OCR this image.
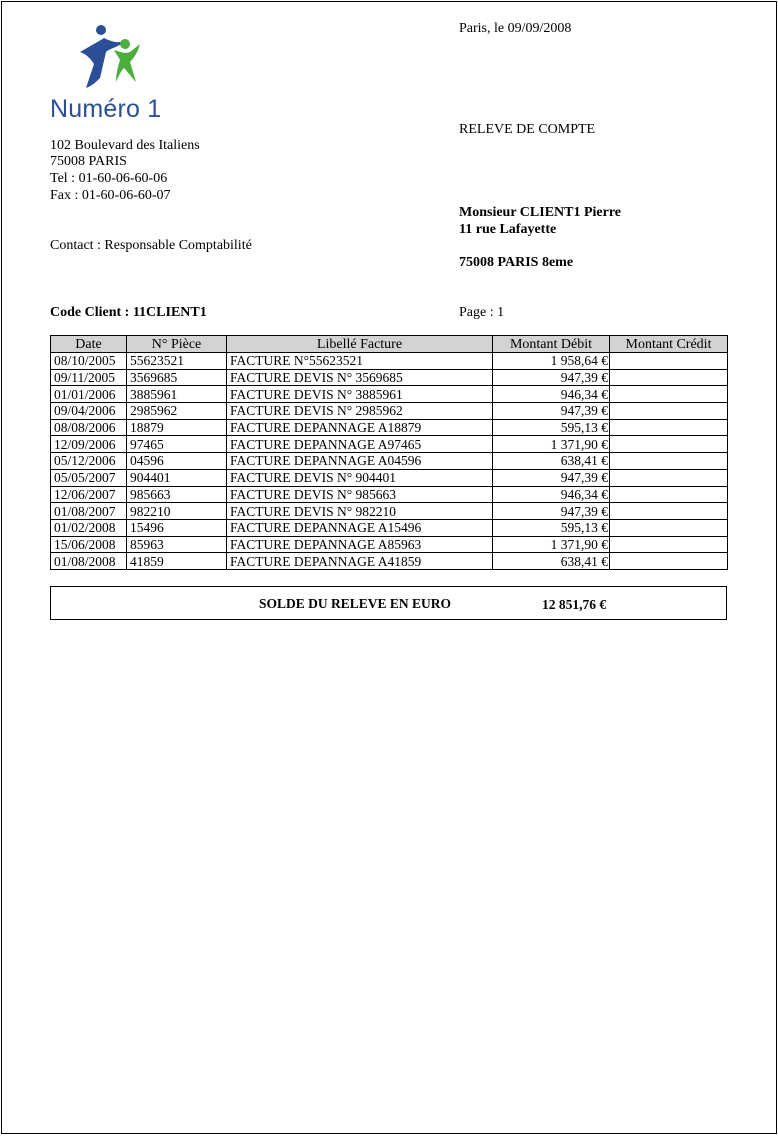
Numéro 1
102 Boulevard des Italiens
75008 PARIS
Tel : 01-60-06-60-06
Fax : 01-60-06-60-07
Contact : Responsable Comptabilité
Paris, le 09/09/2008
RELEVE DE COMPTE
Monsieur CLIENT1 Pierre
11 rue Lafayette
75008 PARIS 8eme
Code Client : 11CLIENT1	Page : 1
Date	N° Pièce	Libellé Facture	Montant Débit	Montant Crédit
08/10/2005	55623521	FACTURE N°55623521	1 958,64 €	
09/11/2005	3569685	FACTURE DEVIS N° 3569685	947,39 €	
01/01/2006	3885961	FACTURE DEVIS N° 3885961	946,34 €	
09/04/2006	2985962	FACTURE DEVIS N° 2985962	947,39 €	
08/08/2006	18879	FACTURE DEPANNAGE A18879	595,13 €	
12/09/2006	97465	FACTURE DEPANNAGE A97465	1 371,90 €	
05/12/2006	04596	FACTURE DEPANNAGE A04596	638,41 €	
05/05/2007	904401	FACTURE DEVIS N° 904401	947,39 €	
12/06/2007	985663	FACTURE DEVIS N° 985663	946,34 €	
01/08/2007	982210	FACTURE DEVIS N° 982210	947,39 €	
01/02/2008	15496	FACTURE DEPANNAGE A15496	595,13 €	
15/06/2008	85963	FACTURE DEPANNAGE A85963	1 371,90 €	
01/08/2008	41859	FACTURE DEPANNAGE A41859	638,41 €	
SOLDE DU RELEVE EN EURO	12 851,76 €
